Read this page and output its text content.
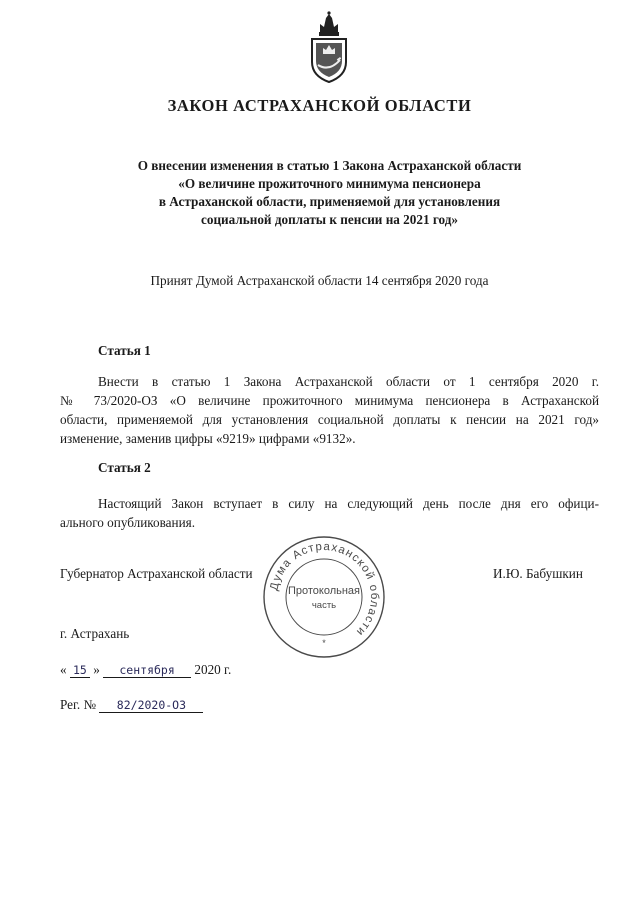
ЗАКОН АСТРАХАНСКОЙ ОБЛАСТИ
О внесении изменения в статью 1 Закона Астраханской области
«О величине прожиточного минимума пенсионера
в Астраханской области, применяемой для установления
социальной доплаты к пенсии на 2021 год»
Принят Думой Астраханской области 14 сентября 2020 года
Статья 1
Внести в статью 1 Закона Астраханской области от 1 сентября 2020 г.
№ 73/2020-ОЗ «О величине прожиточного минимума пенсионера в Астраханской
области, применяемой для установления социальной доплаты к пенсии на 2021 год»
изменение, заменив цифры «9219» цифрами «9132».
Статья 2
Настоящий Закон вступает в силу на следующий день после дня его офици-
ального опубликования.
Губернатор Астраханской области	И.Ю. Бабушкин
Дума Астраханской области
Протокольная
часть
*
г. Астрахань
« 15 » сентября 2020 г.
Рег. № 82/2020-ОЗ
